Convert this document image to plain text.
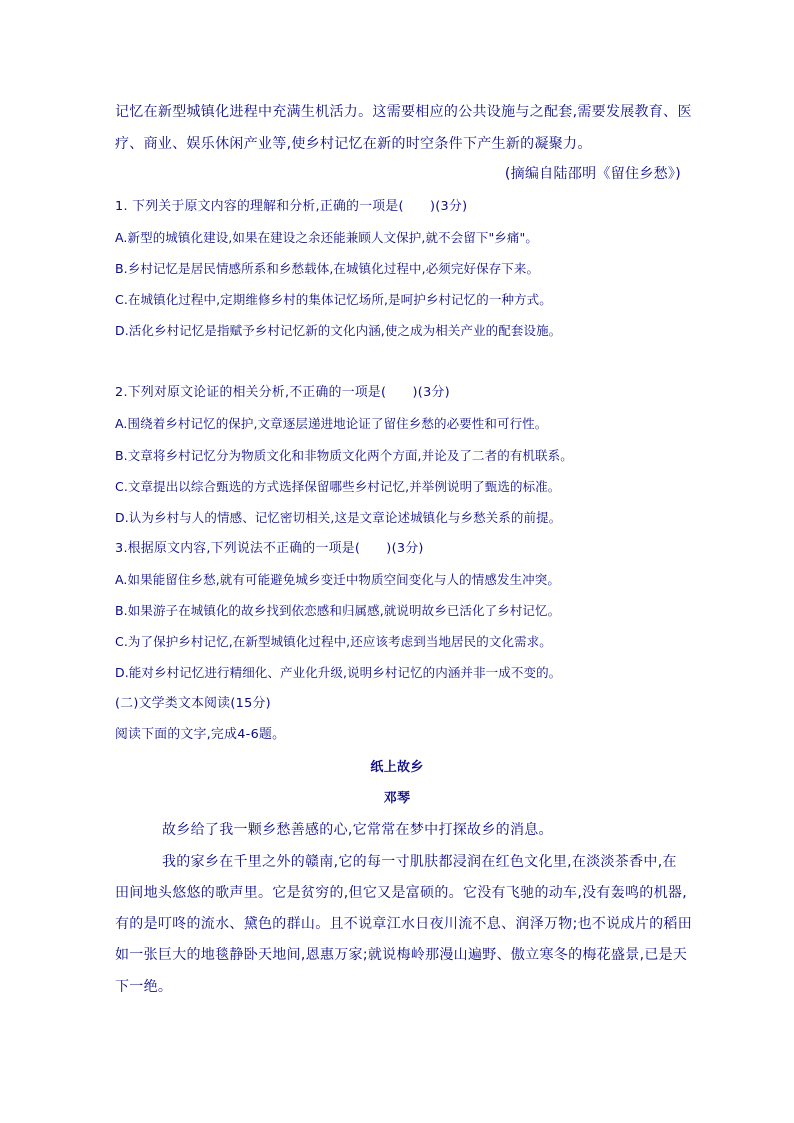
记忆在新型城镇化进程中充满生机活力。这需要相应的公共设施与之配套,需要发展教育、医
疗、商业、娱乐休闲产业等,使乡村记忆在新的时空条件下产生新的凝聚力。
(摘编自陆邵明《留住乡愁》)
1. 下列关于原文内容的理解和分析,正确的一项是(　　)(3分)
A.新型的城镇化建设,如果在建设之余还能兼顾人文保护,就不会留下"乡痛"。
B.乡村记忆是居民情感所系和乡愁载体,在城镇化过程中,必须完好保存下来。
C.在城镇化过程中,定期维修乡村的集体记忆场所,是呵护乡村记忆的一种方式。
D.活化乡村记忆是指赋予乡村记忆新的文化内涵,使之成为相关产业的配套设施。
2.下列对原文论证的相关分析,不正确的一项是(　　)(3分)
A.围绕着乡村记忆的保护,文章逐层递进地论证了留住乡愁的必要性和可行性。
B.文章将乡村记忆分为物质文化和非物质文化两个方面,并论及了二者的有机联系。
C.文章提出以综合甄选的方式选择保留哪些乡村记忆,并举例说明了甄选的标准。
D.认为乡村与人的情感、记忆密切相关,这是文章论述城镇化与乡愁关系的前提。
3.根据原文内容,下列说法不正确的一项是(　　)(3分)
A.如果能留住乡愁,就有可能避免城乡变迁中物质空间变化与人的情感发生冲突。
B.如果游子在城镇化的故乡找到依恋感和归属感,就说明故乡已活化了乡村记忆。
C.为了保护乡村记忆,在新型城镇化过程中,还应该考虑到当地居民的文化需求。
D.能对乡村记忆进行精细化、产业化升级,说明乡村记忆的内涵并非一成不变的。
(二)文学类文本阅读(15分)
阅读下面的文字,完成4-6题。
纸上故乡
邓琴
故乡给了我一颗乡愁善感的心,它常常在梦中打探故乡的消息。
我的家乡在千里之外的赣南,它的每一寸肌肤都浸润在红色文化里,在淡淡茶香中,在
田间地头悠悠的歌声里。它是贫穷的,但它又是富硕的。它没有飞驰的动车,没有轰鸣的机器,
有的是叮咚的流水、黛色的群山。且不说章江水日夜川流不息、润泽万物;也不说成片的稻田
如一张巨大的地毯静卧天地间,恩惠万家;就说梅岭那漫山遍野、傲立寒冬的梅花盛景,已是天
下一绝。
